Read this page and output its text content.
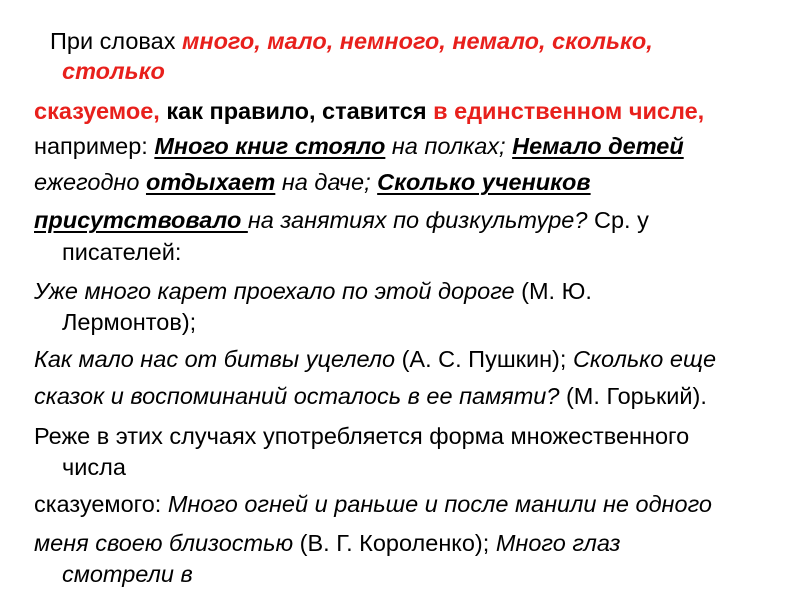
При словах много, мало, немного, немало, сколько,
столько
сказуемое, как правило, ставится в единственном числе,
например: Много книг стояло на полках; Немало детей
ежегодно отдыхает на даче; Сколько учеников
присутствовало на занятиях по физкультуре? Ср. у
писателей:
Уже много карет проехало по этой дороге (М. Ю.
Лермонтов);
Как мало нас от битвы уцелело (А. С. Пушкин); Сколько еще
сказок и воспоминаний осталось в ее памяти? (М. Горький).
Реже в этих случаях употребляется форма множественного
числа
сказуемого: Много огней и раньше и после манили не одного
меня своею близостью (В. Г. Короленко); Много глаз
смотрели в
